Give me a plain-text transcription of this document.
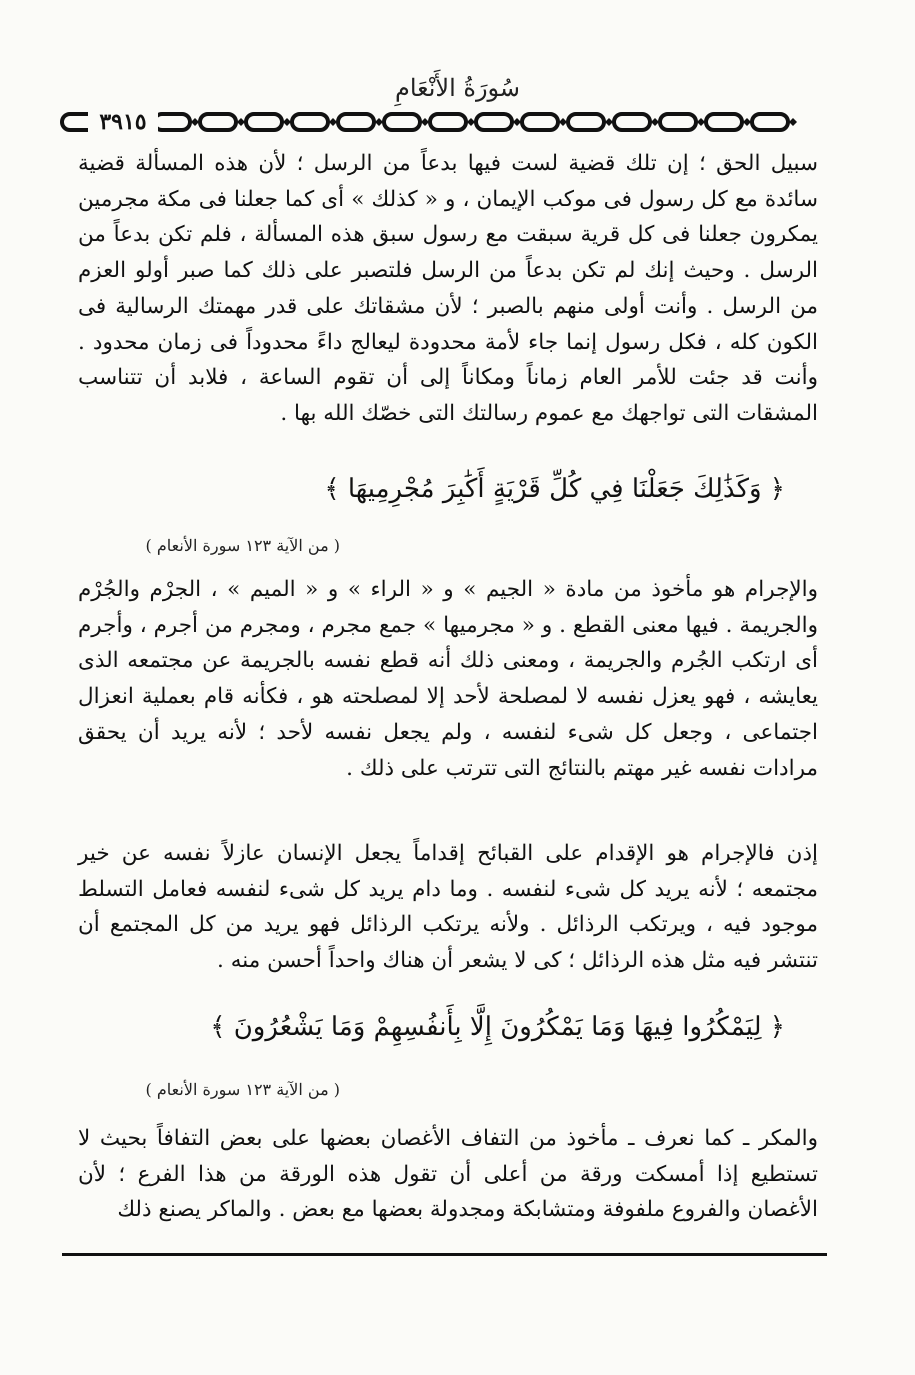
سُورَةُ الأَنْعَامِ
٣٩١٥

سبيل الحق ؛ إن تلك قضية لست فيها بدعاً من الرسل ؛ لأن هذه المسألة قضية سائدة مع كل رسول فى موكب الإيمان ، و « كذلك » أى كما جعلنا فى مكة مجرمين يمكرون جعلنا فى كل قرية سبقت مع رسول سبق هذه المسألة ، فلم تكن بدعاً من الرسل . وحيث إنك لم تكن بدعاً من الرسل فلتصبر على ذلك كما صبر أولو العزم من الرسل . وأنت أولى منهم بالصبر ؛ لأن مشقاتك على قدر مهمتك الرسالية فى الكون كله ، فكل رسول إنما جاء لأمة محدودة ليعالج داءً محدوداً فى زمان محدود . وأنت قد جئت للأمر العام زماناً ومكاناً إلى أن تقوم الساعة ، فلابد أن تتناسب المشقات التى تواجهك مع عموم رسالتك التى خصّك الله بها .

﴿ وَكَذَٰلِكَ جَعَلْنَا فِي كُلِّ قَرْيَةٍ أَكَٰبِرَ مُجْرِمِيهَا ﴾

( من الآية ١٢٣ سورة الأنعام )

والإجرام هو مأخوذ من مادة « الجيم » و « الراء » و « الميم » ، الجرْم والجُرْم والجريمة . فيها معنى القطع . و « مجرميها » جمع مجرم ، ومجرم من أجرم ، وأجرم أى ارتكب الجُرم والجريمة ، ومعنى ذلك أنه قطع نفسه بالجريمة عن مجتمعه الذى يعايشه ، فهو يعزل نفسه لا لمصلحة لأحد إلا لمصلحته هو ، فكأنه قام بعملية انعزال اجتماعى ، وجعل كل شىء لنفسه ، ولم يجعل نفسه لأحد ؛ لأنه يريد أن يحقق مرادات نفسه غير مهتم بالنتائج التى تترتب على ذلك .

إذن فالإجرام هو الإقدام على القبائح إقداماً يجعل الإنسان عازلاً نفسه عن خير مجتمعه ؛ لأنه يريد كل شىء لنفسه . وما دام يريد كل شىء لنفسه فعامل التسلط موجود فيه ، ويرتكب الرذائل . ولأنه يرتكب الرذائل فهو يريد من كل المجتمع أن تنتشر فيه مثل هذه الرذائل ؛ كى لا يشعر أن هناك واحداً أحسن منه .

﴿ لِيَمْكُرُوا فِيهَا وَمَا يَمْكُرُونَ إِلَّا بِأَنفُسِهِمْ وَمَا يَشْعُرُونَ ﴾

( من الآية ١٢٣ سورة الأنعام )

والمكر ـ كما نعرف ـ مأخوذ من التفاف الأغصان بعضها على بعض التفافاً بحيث لا تستطيع إذا أمسكت ورقة من أعلى أن تقول هذه الورقة من هذا الفرع ؛ لأن الأغصان والفروع ملفوفة ومتشابكة ومجدولة بعضها مع بعض . والماكر يصنع ذلك
